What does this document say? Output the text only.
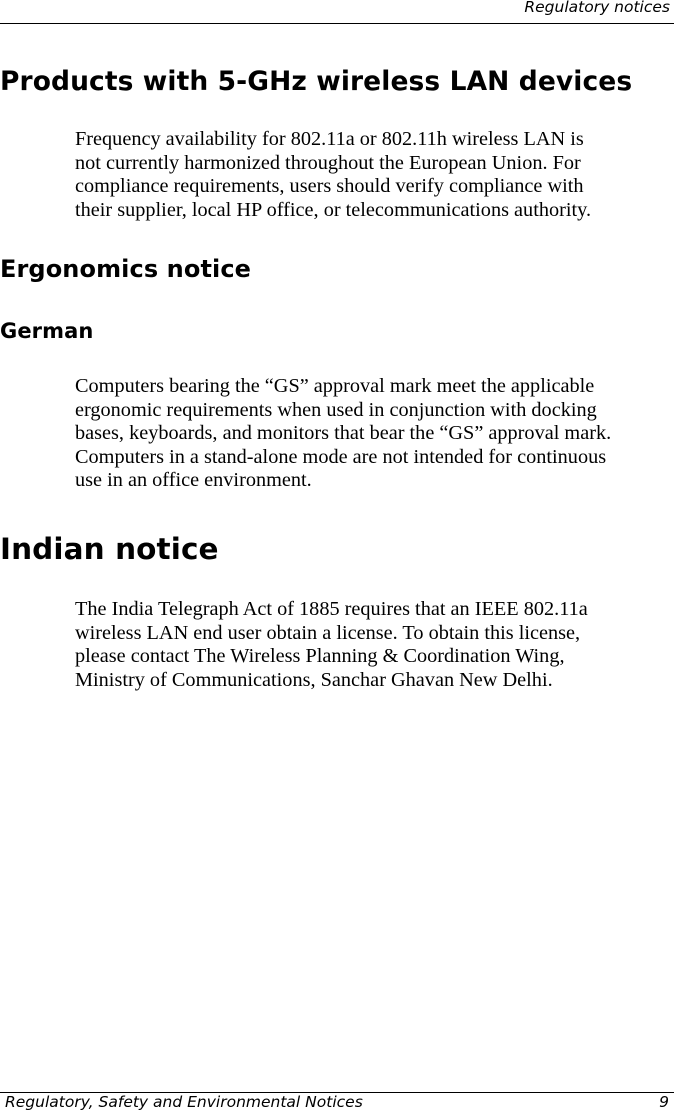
Regulatory notices
Products with 5-GHz wireless LAN devices

Frequency availability for 802.11a or 802.11h wireless LAN is
not currently harmonized throughout the European Union. For
compliance requirements, users should verify compliance with
their supplier, local HP office, or telecommunications authority.

Ergonomics notice
German

Computers bearing the “GS” approval mark meet the applicable
ergonomic requirements when used in conjunction with docking
bases, keyboards, and monitors that bear the “GS” approval mark.
Computers in a stand-alone mode are not intended for continuous
use in an office environment.

Indian notice

The India Telegraph Act of 1885 requires that an IEEE 802.11a
wireless LAN end user obtain a license. To obtain this license,
please contact The Wireless Planning & Coordination Wing,
Ministry of Communications, Sanchar Ghavan New Delhi.

Regulatory, Safety and Environmental Notices	9
